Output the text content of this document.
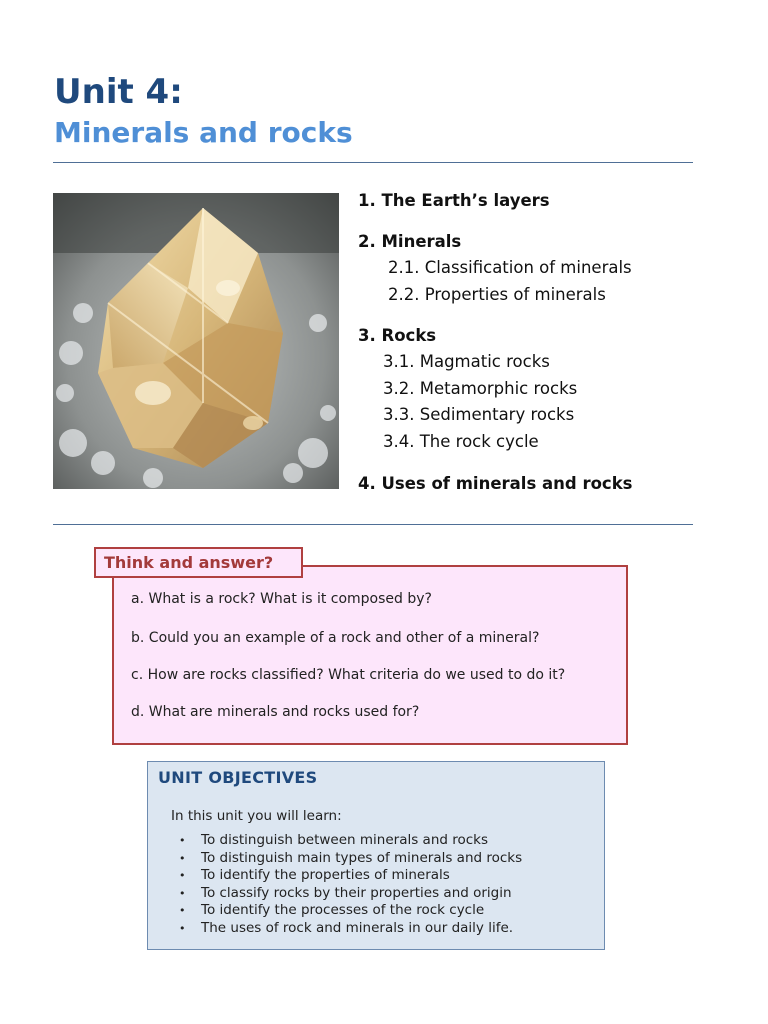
Unit 4:
Minerals and rocks

1. The Earth’s layers

2. Minerals

2.1. Classification of minerals

2.2. Properties of minerals

3. Rocks

3.1. Magmatic rocks

3.2. Metamorphic rocks

3.3. Sedimentary rocks

3.4. The rock cycle

4. Uses of minerals and rocks

Think and answer?
a. What is a rock? What is it composed by?
b. Could you an example of a rock and other of a mineral?
c. How are rocks classified? What criteria do we used to do it?
d. What are minerals and rocks used for?
UNIT OBJECTIVES
In this unit you will learn:
• To distinguish between minerals and rocks
• To distinguish main types of minerals and rocks
• To identify the properties of minerals
• To classify rocks by their properties and origin
• To identify the processes of the rock cycle
• The uses of rock and minerals in our daily life.
